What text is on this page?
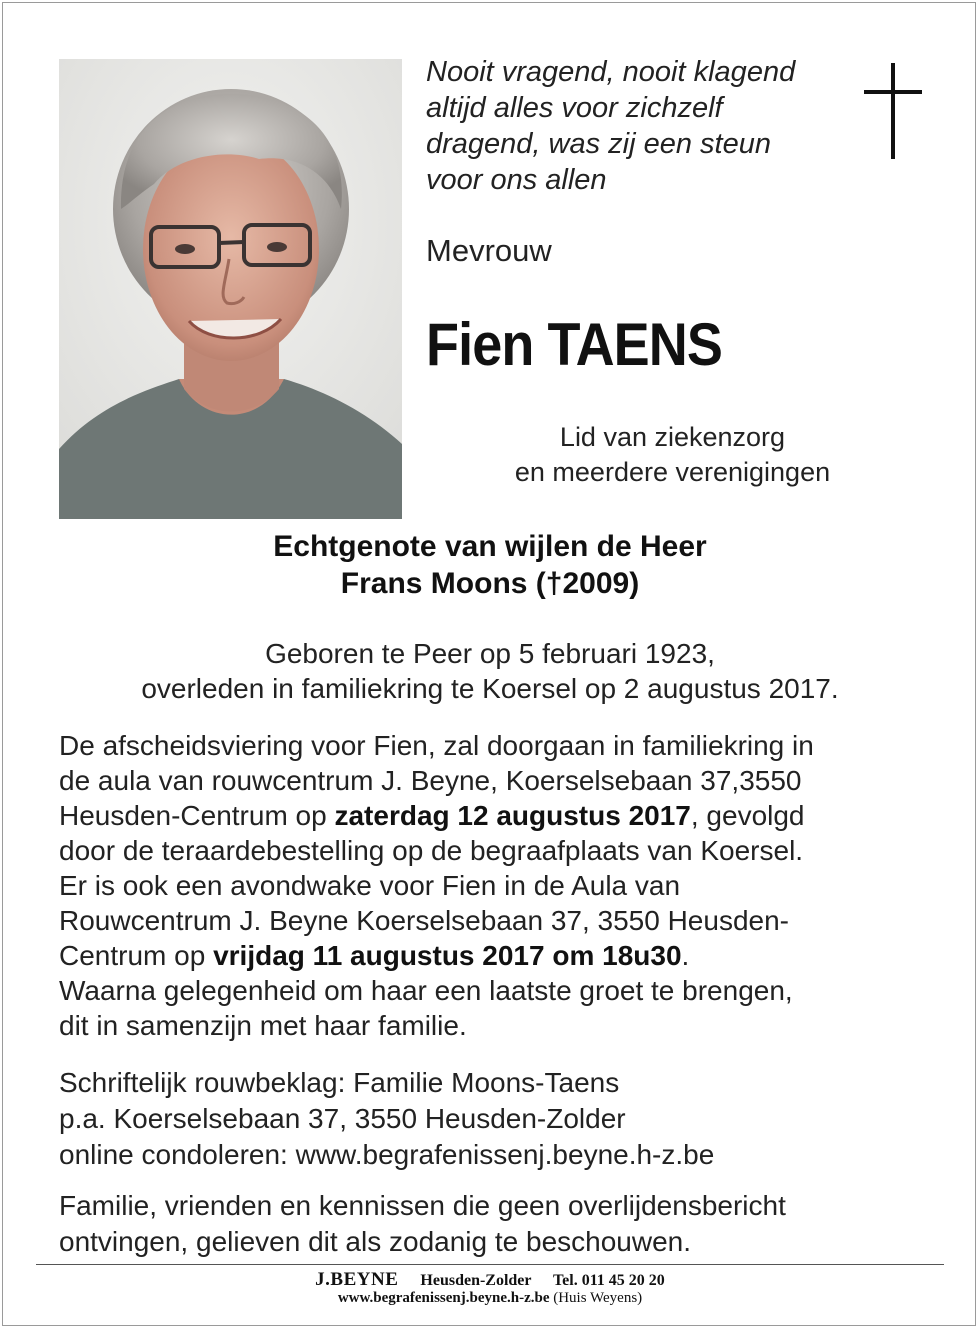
Nooit vragend, nooit klagend
altijd alles voor zichzelf
dragend, was zij een steun
voor ons allen
Mevrouw
Fien TAENS
Lid van ziekenzorg
en meerdere verenigingen
Echtgenote van wijlen de Heer
Frans Moons (†2009)
Geboren te Peer op 5 februari 1923,
overleden in familiekring te Koersel op 2 augustus 2017.
De afscheidsviering voor Fien, zal doorgaan in familiekring in
de aula van rouwcentrum J. Beyne, Koerselsebaan 37,3550
Heusden-Centrum op zaterdag 12 augustus 2017, gevolgd
door de teraardebestelling op de begraafplaats van Koersel.
Er is ook een avondwake voor Fien in de Aula van
Rouwcentrum J. Beyne Koerselsebaan 37, 3550 Heusden-
Centrum op vrijdag 11 augustus 2017 om 18u30.
Waarna gelegenheid om haar een laatste groet te brengen,
dit in samenzijn met haar familie.
Schriftelijk rouwbeklag: Familie Moons-Taens
p.a. Koerselsebaan 37, 3550 Heusden-Zolder
online condoleren: www.begrafenissenj.beyne.h-z.be
Familie, vrienden en kennissen die geen overlijdensbericht
ontvingen, gelieven dit als zodanig te beschouwen.
J.BEYNE Heusden-Zolder Tel. 011 45 20 20
www.begrafenissenj.beyne.h-z.be (Huis Weyens)
